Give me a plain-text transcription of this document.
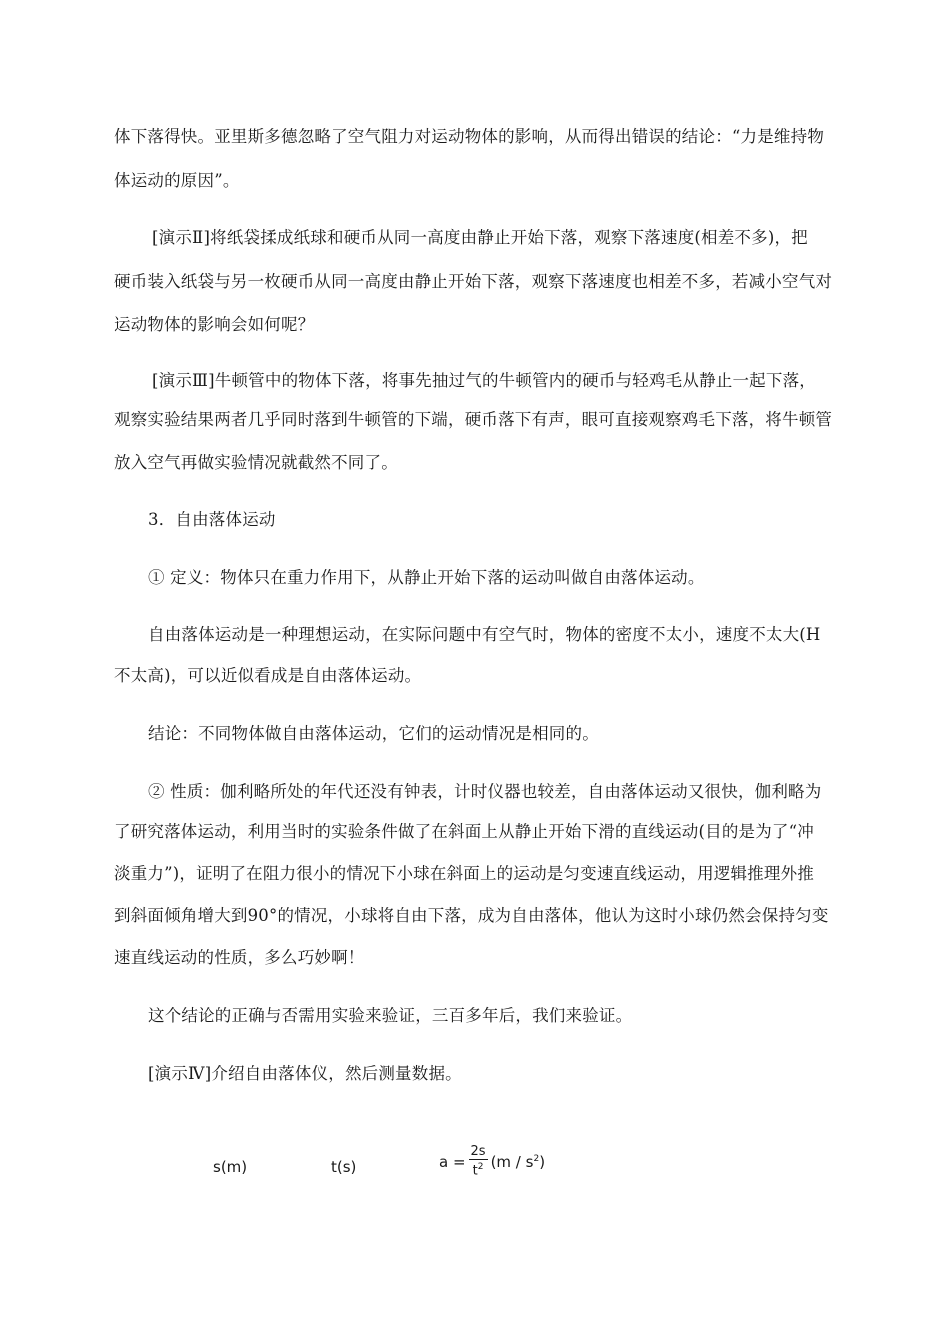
体下落得快。亚里斯多德忽略了空气阻力对运动物体的影响，从而得出错误的结论：“力是维持物
体运动的原因”。
[演示Ⅱ]将纸袋揉成纸球和硬币从同一高度由静止开始下落，观察下落速度(相差不多)，把
硬币装入纸袋与另一枚硬币从同一高度由静止开始下落，观察下落速度也相差不多，若减小空气对
运动物体的影响会如何呢？
[演示Ⅲ]牛顿管中的物体下落，将事先抽过气的牛顿管内的硬币与轻鸡毛从静止一起下落，
观察实验结果两者几乎同时落到牛顿管的下端，硬币落下有声，眼可直接观察鸡毛下落，将牛顿管
放入空气再做实验情况就截然不同了。
3．自由落体运动
① 定义：物体只在重力作用下，从静止开始下落的运动叫做自由落体运动。
自由落体运动是一种理想运动，在实际问题中有空气时，物体的密度不太小，速度不太大(H
不太高)，可以近似看成是自由落体运动。
结论：不同物体做自由落体运动，它们的运动情况是相同的。
② 性质：伽利略所处的年代还没有钟表，计时仪器也较差，自由落体运动又很快，伽利略为
了研究落体运动，利用当时的实验条件做了在斜面上从静止开始下滑的直线运动(目的是为了“冲
淡重力”)，证明了在阻力很小的情况下小球在斜面上的运动是匀变速直线运动，用逻辑推理外推
到斜面倾角增大到90°的情况，小球将自由下落，成为自由落体，他认为这时小球仍然会保持匀变
速直线运动的性质，多么巧妙啊！
这个结论的正确与否需用实验来验证，三百多年后，我们来验证。
[演示Ⅳ]介绍自由落体仪，然后测量数据。
s(m)	t(s)	$a = \frac{2s}{t^2} (m / s^2)$
